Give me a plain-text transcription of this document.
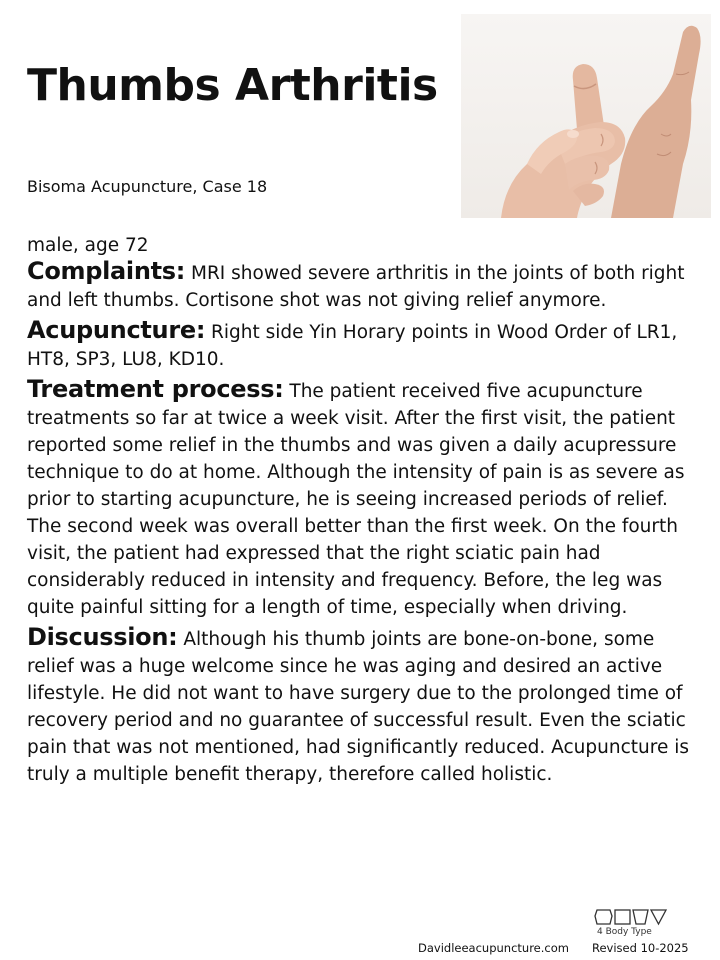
Thumbs Arthritis
Bisoma Acupuncture, Case 18
male, age 72
Complaints: MRI showed severe arthritis in the joints of both right and left thumbs. Cortisone shot was not giving relief anymore.
Acupuncture: Right side Yin Horary points in Wood Order of LR1, HT8, SP3, LU8, KD10.
Treatment process: The patient received five acupuncture treatments so far at twice a week visit. After the first visit, the patient reported some relief in the thumbs and was given a daily acupressure technique to do at home. Although the intensity of pain is as severe as prior to starting acupuncture, he is seeing increased periods of relief. The second week was overall better than the first week. On the fourth visit, the patient had expressed that the right sciatic pain had considerably reduced in intensity and frequency. Before, the leg was quite painful sitting for a length of time, especially when driving.
Discussion: Although his thumb joints are bone-on-bone, some relief was a huge welcome since he was aging and desired an active lifestyle. He did not want to have surgery due to the prolonged time of recovery period and no guarantee of successful result. Even the sciatic pain that was not mentioned, had significantly reduced. Acupuncture is truly a multiple benefit therapy, therefore called holistic.
Davidleeacupuncture.com
4 Body Type
Revised 10-2025
